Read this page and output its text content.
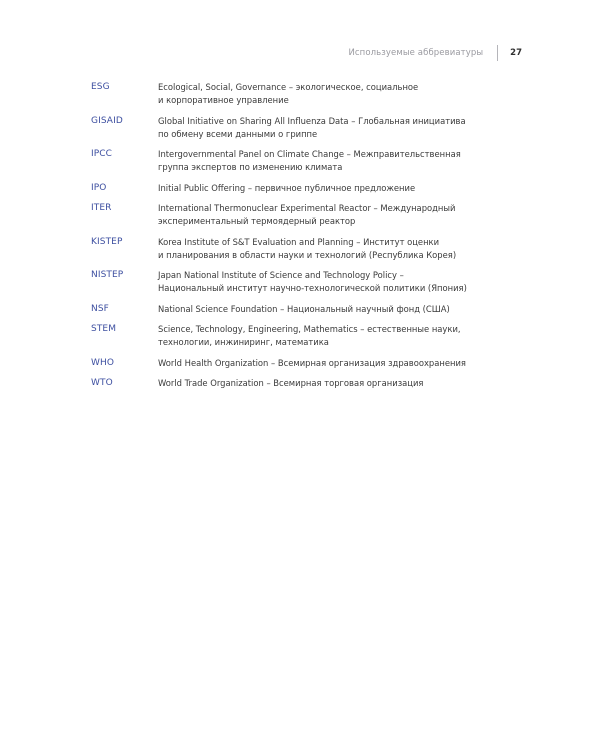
Используемые аббревиатуры	27
ESG	Ecological, Social, Governance – экологическое, социальное
и корпоративное управление
GISAID	Global Initiative on Sharing All Influenza Data – Глобальная инициатива
по обмену всеми данными о гриппе
IPCC	Intergovernmental Panel on Climate Change – Межправительственная
группа экспертов по изменению климата
IPO	Initial Public Offering – первичное публичное предложение
ITER	International Thermonuclear Experimental Reactor – Международный
экспериментальный термоядерный реактор
KISTEP	Korea Institute of S&T Evaluation and Planning – Институт оценки
и планирования в области науки и технологий (Республика Корея)
NISTEP	Japan National Institute of Science and Technology Policy –
Национальный институт научно-технологической политики (Япония)
NSF	National Science Foundation – Национальный научный фонд (США)
STEM	Science, Technology, Engineering, Mathematics – естественные науки,
технологии, инжиниринг, математика
WHO	World Health Organization – Всемирная организация здравоохранения
WTO	World Trade Organization – Всемирная торговая организация
